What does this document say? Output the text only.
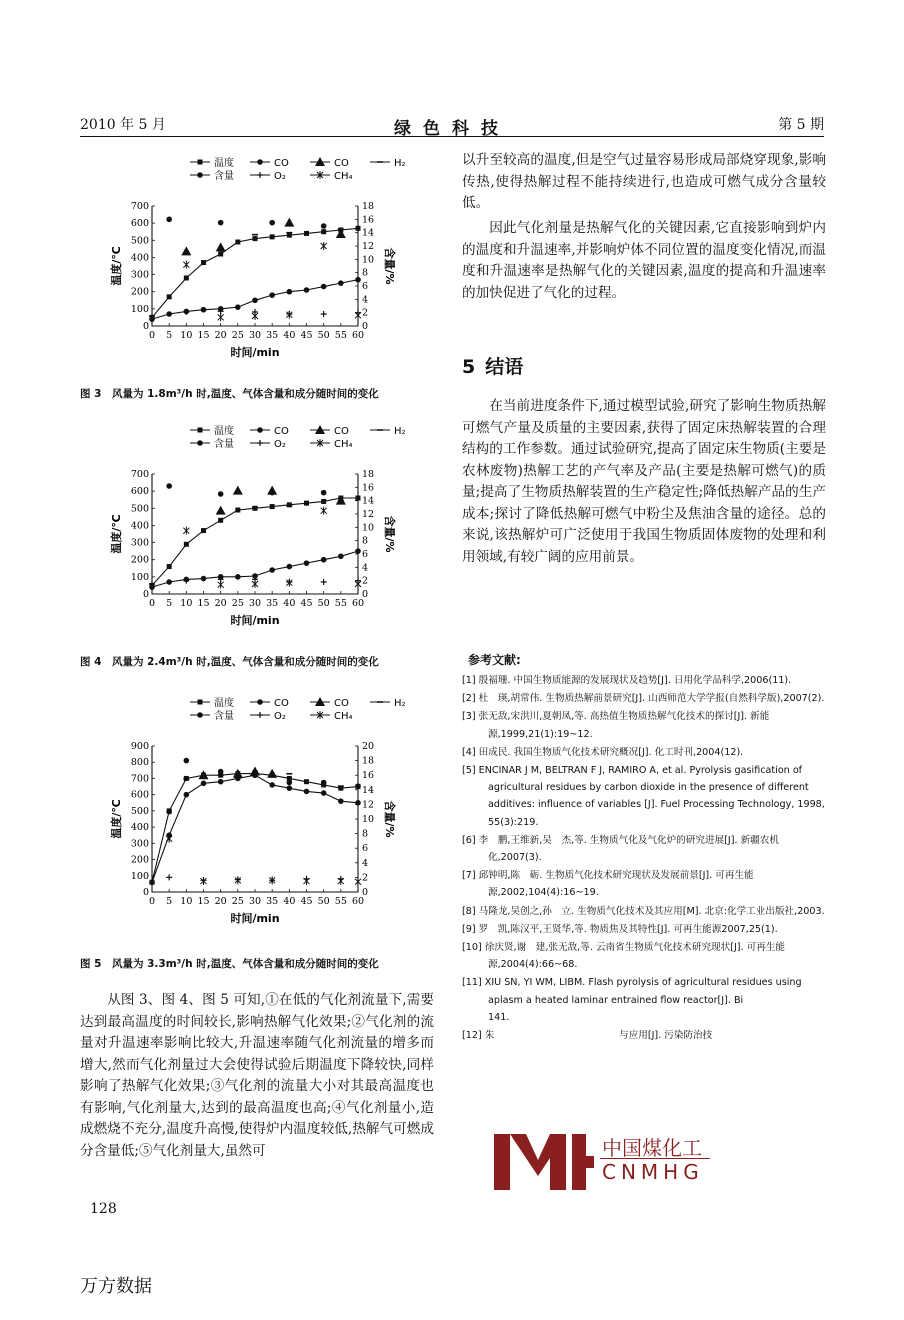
2010 年 5 月	绿色科技	第 5 期
温度	CO	CO	H₂
含量	O₂	CH₄
0 5 10 15 20 25 30 35 40 45 50 55 60
0
100
200
300
400
500
600
700
0
2
4
6
8
10
12
14
16
18
时间/min
温度/℃	含量/%
图 3　风量为 1.8m³/h 时,温度、气体含量和成分随时间的变化
温度	CO	CO	H₂
含量	O₂	CH₄
0 5 10 15 20 25 30 35 40 45 50 55 60
0
100
200
300
400
500
600
700
0
2
4
6
8
10
12
14
16
18
时间/min
温度/℃	含量/%
图 4　风量为 2.4m³/h 时,温度、气体含量和成分随时间的变化
温度	CO	CO	H₂
含量	O₂	CH₄
0 5 10 15 20 25 30 35 40 45 50 55 60
0
100
200
300
400
500
600
700
800
900
0
2
4
6
8
10
12
14
16
18
20
时间/min
温度/℃	含量/%
图 5　风量为 3.3m³/h 时,温度、气体含量和成分随时间的变化

从图 3、图 4、图 5 可知,①在低的气化剂流量下,需要达到最高温度的时间较长,影响热解气化效果;②气化剂的流量对升温速率影响比较大,升温速率随气化剂流量的增多而增大,然而气化剂量过大会使得试验后期温度下降较快,同样影响了热解气化效果;③气化剂的流量大小对其最高温度也有影响,气化剂量大,达到的最高温度也高;④气化剂量小,造成燃烧不充分,温度升高慢,使得炉内温度较低,热解气可燃成分含量低;⑤气化剂量大,虽然可

以升至较高的温度,但是空气过量容易形成局部烧穿现象,影响传热,使得热解过程不能持续进行,也造成可燃气成分含量较低。

因此气化剂量是热解气化的关键因素,它直接影响到炉内的温度和升温速率,并影响炉体不同位置的温度变化情况,而温度和升温速率是热解气化的关键因素,温度的提高和升温速率的加快促进了气化的过程。

5 结语

在当前进度条件下,通过模型试验,研究了影响生物质热解可燃气产量及质量的主要因素,获得了固定床热解装置的合理结构的工作参数。通过试验研究,提高了固定床生物质(主要是农林废物)热解工艺的产气率及产品(主要是热解可燃气)的质量;提高了生物质热解装置的生产稳定性;降低热解产品的生产成本;探讨了降低热解可燃气中粉尘及焦油含量的途径。总的来说,该热解炉可广泛使用于我国生物质固体废物的处理和利用领域,有较广阔的应用前景。

参考文献:

[1] 殷福珊. 中国生物质能源的发展现状及趋势[J]. 日用化学品科学,2006(11).

[2] 杜　瑛,胡常伟. 生物质热解前景研究[J]. 山西师范大学学报(自然科学版),2007(2).

[3] 张无敌,宋洪川,夏朝凤,等. 高热值生物质热解气化技术的探讨[J]. 新能源,1999,21(1):19~12.

[4] 田成民. 我国生物质气化技术研究概况[J]. 化工时刊,2004(12).

[5] ENCINAR J M, BELTRAN F J, RAMIRO A, et al. Pyrolysis gasification of agricultural residues by carbon dioxide in the presence of different additives: influence of variables [J]. Fuel Processing Technology, 1998, 55(3):219.

[6] 李　鹏,王维新,吴　杰,等. 生物质气化及气化炉的研究进展[J]. 新疆农机化,2007(3).

[7] 邱钟明,陈　砺. 生物质气化技术研究现状及发展前景[J]. 可再生能源,2002,104(4):16~19.

[8] 马隆龙,吴创之,孙　立. 生物质气化技术及其应用[M]. 北京:化学工业出版社,2003.

[9] 罗　凯,陈汉平,王贤华,等. 物质焦及其特性[J]. 可再生能源2007,25(1).

[10] 徐庆贤,谢　建,张无敌,等. 云南省生物质气化技术研究现状[J]. 可再生能源,2004(4):66~68.

[11] XIU SN, YI WM, LIBM. Flash pyrolysis of agricultural residues using aplasm a heated laminar entrained flow reactor[J]. Bi　　　　　　　　　　　　　　141.

[12] 朱　　　　　　　　　　　　　与应用[J]. 污染防治技

中国煤化工
CNMHG
128
万方数据
